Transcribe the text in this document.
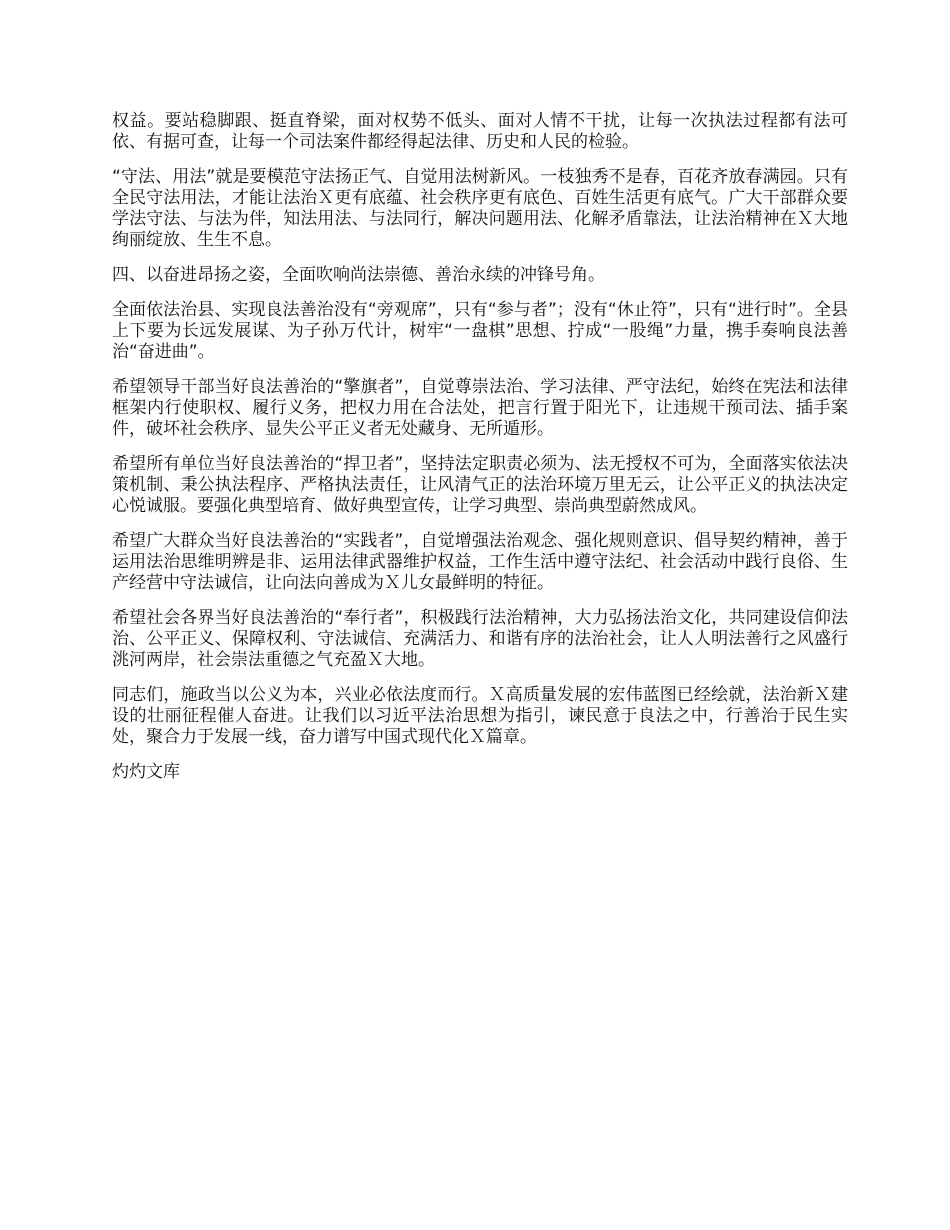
权益。要站稳脚跟、挺直脊梁，面对权势不低头、面对人情不干扰，让每一次执法过程都有法可依、有据可查，让每一个司法案件都经得起法律、历史和人民的检验。

“守法、用法”就是要模范守法扬正气、自觉用法树新风。一枝独秀不是春，百花齐放春满园。只有全民守法用法，才能让法治Ｘ更有底蕴、社会秩序更有底色、百姓生活更有底气。广大干部群众要学法守法、与法为伴，知法用法、与法同行，解决问题用法、化解矛盾靠法，让法治精神在Ｘ大地绚丽绽放、生生不息。

四、以奋进昂扬之姿，全面吹响尚法崇德、善治永续的冲锋号角。

全面依法治县、实现良法善治没有“旁观席”，只有“参与者”；没有“休止符”，只有“进行时”。全县上下要为长远发展谋、为子孙万代计，树牢“一盘棋”思想、拧成“一股绳”力量，携手奏响良法善治“奋进曲”。

希望领导干部当好良法善治的“擎旗者”，自觉尊崇法治、学习法律、严守法纪，始终在宪法和法律框架内行使职权、履行义务，把权力用在合法处，把言行置于阳光下，让违规干预司法、插手案件，破坏社会秩序、显失公平正义者无处藏身、无所遁形。

希望所有单位当好良法善治的“捍卫者”，坚持法定职责必须为、法无授权不可为，全面落实依法决策机制、秉公执法程序、严格执法责任，让风清气正的法治环境万里无云，让公平正义的执法决定心悦诚服。要强化典型培育、做好典型宣传，让学习典型、崇尚典型蔚然成风。

希望广大群众当好良法善治的“实践者”，自觉增强法治观念、强化规则意识、倡导契约精神，善于运用法治思维明辨是非、运用法律武器维护权益，工作生活中遵守法纪、社会活动中践行良俗、生产经营中守法诚信，让向法向善成为Ｘ儿女最鲜明的特征。

希望社会各界当好良法善治的“奉行者”，积极践行法治精神，大力弘扬法治文化，共同建设信仰法治、公平正义、保障权利、守法诚信、充满活力、和谐有序的法治社会，让人人明法善行之风盛行洮河两岸，社会崇法重德之气充盈Ｘ大地。

同志们，施政当以公义为本，兴业必依法度而行。Ｘ高质量发展的宏伟蓝图已经绘就，法治新Ｘ建设的壮丽征程催人奋进。让我们以习近平法治思想为指引，谏民意于良法之中，行善治于民生实处，聚合力于发展一线，奋力谱写中国式现代化Ｘ篇章。

灼灼文库
